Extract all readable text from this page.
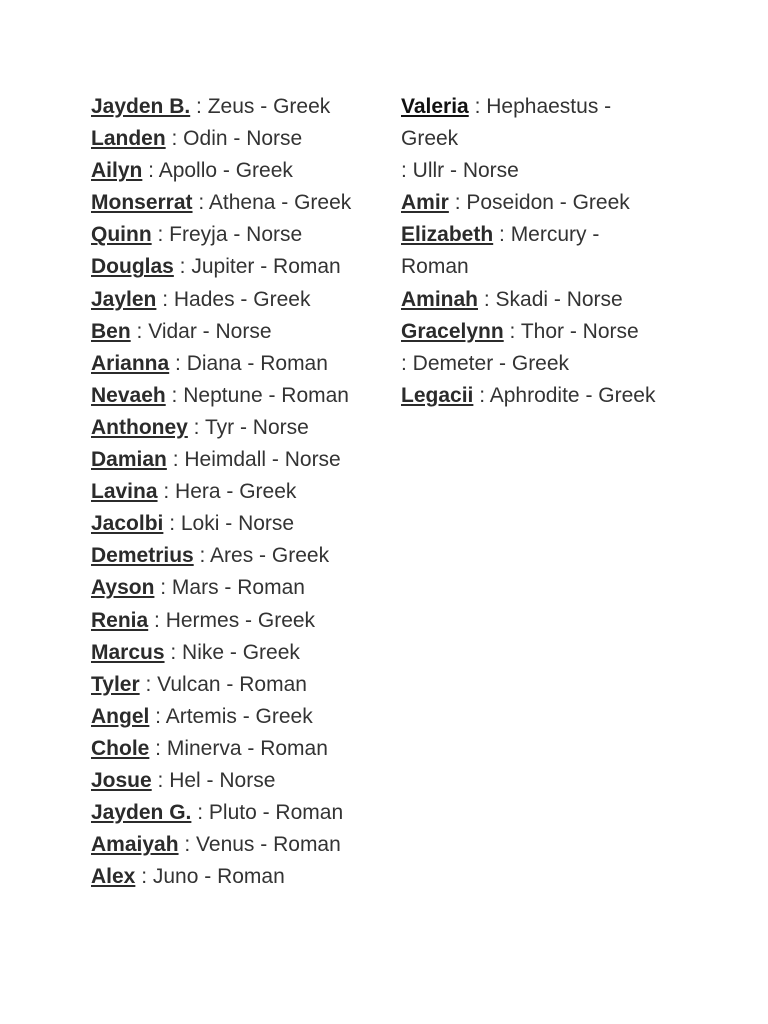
Jayden B. : Zeus - Greek
Landen : Odin - Norse
Ailyn : Apollo - Greek
Monserrat : Athena - Greek
Quinn : Freyja - Norse
Douglas : Jupiter - Roman
Jaylen : Hades - Greek
Ben : Vidar - Norse
Arianna : Diana - Roman
Nevaeh : Neptune - Roman
Anthoney : Tyr - Norse
Damian : Heimdall - Norse
Lavina : Hera - Greek
Jacolbi : Loki - Norse
Demetrius : Ares - Greek
Ayson : Mars - Roman
Renia : Hermes - Greek
Marcus : Nike - Greek
Tyler : Vulcan - Roman
Angel : Artemis - Greek
Chole : Minerva - Roman
Josue : Hel - Norse
Jayden G. : Pluto - Roman
Amaiyah : Venus - Roman
Alex : Juno - Roman
Valeria : Hephaestus - Greek
: Ullr - Norse
Amir : Poseidon - Greek
Elizabeth : Mercury - Roman
Aminah : Skadi - Norse
Gracelynn : Thor - Norse
: Demeter - Greek
Legacii : Aphrodite - Greek
